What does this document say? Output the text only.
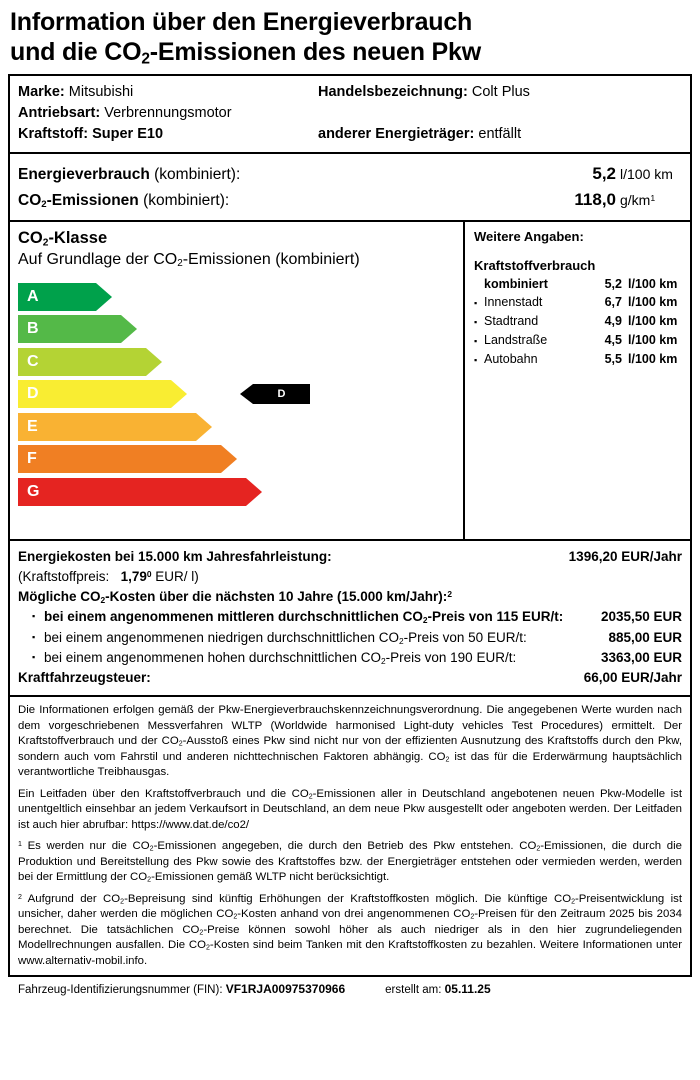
Information über den Energieverbrauch
und die $CO_2$-Emissionen des neuen Pkw
Marke: Mitsubishi	Handelsbezeichnung: Colt Plus
Antriebsart: Verbrennungsmotor
Kraftstoff: Super E10	anderer Energieträger: entfällt
Energieverbrauch (kombiniert):	5,2 l/100 km
$CO_2$-Emissionen (kombiniert):	118,0 $g/km^1$
$CO_2$-Klasse
Auf Grundlage der $CO_2$-Emissionen (kombiniert)
A
B
C
D
E
F
G
D
Weitere Angaben:
Kraftstoffverbrauch
kombiniert	5,2 l/100 km
▪ Innenstadt	6,7 l/100 km
▪ Stadtrand	4,9 l/100 km
▪ Landstraße	4,5 l/100 km
▪ Autobahn	5,5 l/100 km
Energiekosten bei 15.000 km Jahresfahrleistung:	1396,20 EUR/Jahr
(Kraftstoffpreis: 1,79$^0$ EUR/ l)
Mögliche $CO_2$-Kosten über die nächsten 10 Jahre (15.000 km/Jahr):$^2$
▪ bei einem angenommenen mittleren durchschnittlichen $CO_2$-Preis von 115 EUR/t:	2035,50 EUR
▪ bei einem angenommenen niedrigen durchschnittlichen $CO_2$-Preis von 50 EUR/t:	885,00 EUR
▪ bei einem angenommenen hohen durchschnittlichen $CO_2$-Preis von 190 EUR/t:	3363,00 EUR
Kraftfahrzeugsteuer:	66,00 EUR/Jahr

Die Informationen erfolgen gemäß der Pkw-Energieverbrauchskennzeichnungsverordnung. Die angegebenen Werte wurden nach dem vorgeschriebenen Messverfahren WLTP (Worldwide harmonised Light-duty vehicles Test Procedures) ermittelt. Der Kraftstoffverbrauch und der $CO_2$-Ausstoß eines Pkw sind nicht nur von der effizienten Ausnutzung des Kraftstoffs durch den Pkw, sondern auch vom Fahrstil und anderen nichttechnischen Faktoren abhängig. $CO_2$ ist das für die Erderwärmung hauptsächlich verantwortliche Treibhausgas.

Ein Leitfaden über den Kraftstoffverbrauch und die $CO_2$-Emissionen aller in Deutschland angebotenen neuen Pkw-Modelle ist unentgeltlich einsehbar an jedem Verkaufsort in Deutschland, an dem neue Pkw ausgestellt oder angeboten werden. Der Leitfaden ist auch hier abrufbar: https://www.dat.de/co2/

$^1$ Es werden nur die $CO_2$-Emissionen angegeben, die durch den Betrieb des Pkw entstehen. $CO_2$-Emissionen, die durch die Produktion und Bereitstellung des Pkw sowie des Kraftstoffes bzw. der Energieträger entstehen oder vermieden werden, werden bei der Ermittlung der $CO_2$-Emissionen gemäß WLTP nicht berücksichtigt.

$^2$ Aufgrund der $CO_2$-Bepreisung sind künftig Erhöhungen der Kraftstoffkosten möglich. Die künftige $CO_2$-Preisentwicklung ist unsicher, daher werden die möglichen $CO_2$-Kosten anhand von drei angenommenen $CO_2$-Preisen für den Zeitraum 2025 bis 2034 berechnet. Die tatsächlichen $CO_2$-Preise können sowohl höher als auch niedriger als in den hier zugrundeliegenden Modellrechnungen ausfallen. Die $CO_2$-Kosten sind beim Tanken mit den Kraftstoffkosten zu bezahlen. Weitere Informationen unter www.alternativ-mobil.info.

Fahrzeug-Identifizierungsnummer (FIN): VF1RJA00975370966	erstellt am: 05.11.25
